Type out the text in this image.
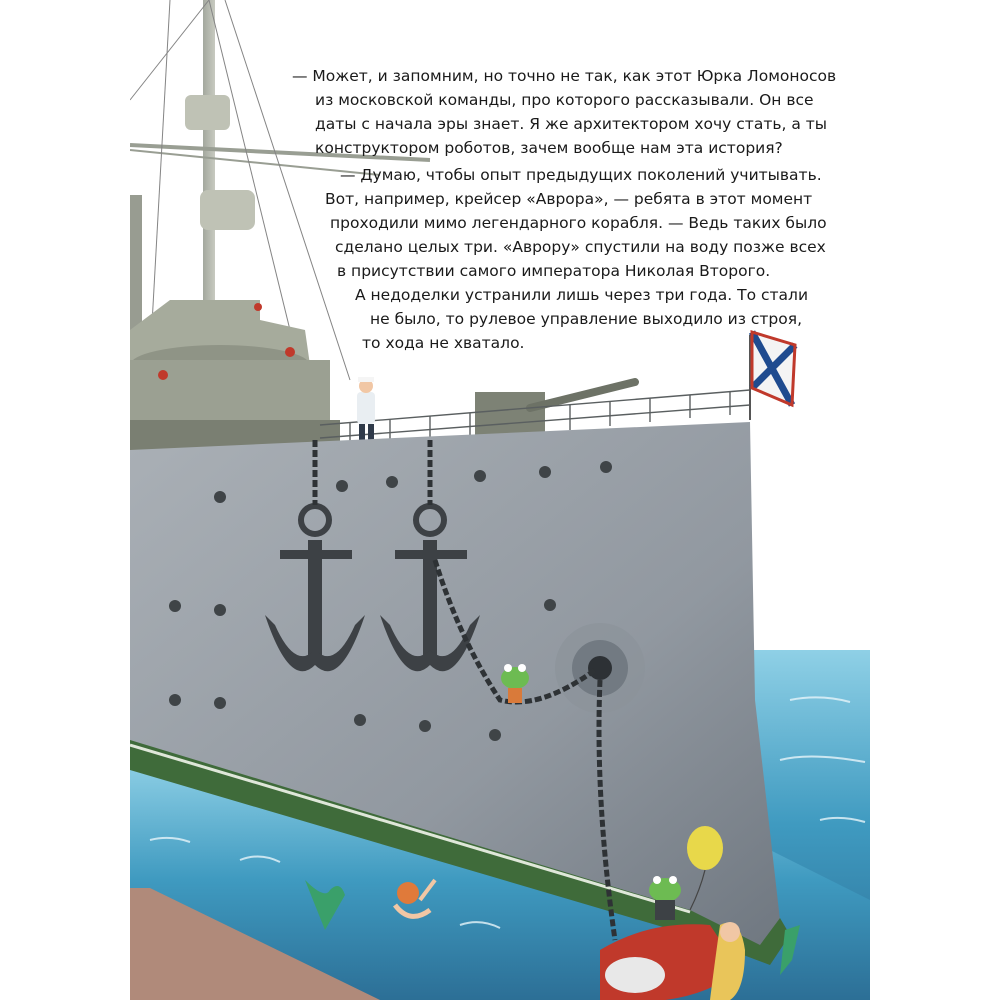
— Может, и запомним, но точно не так, как этот Юрка Ломоносов
из московской команды, про которого рассказывали. Он все
даты с начала эры знает. Я же архитектором хочу стать, а ты
конструктором роботов, зачем вообще нам эта история?
— Думаю, чтобы опыт предыдущих поколений учитывать.
Вот, например, крейсер «Аврора», — ребята в этот момент
проходили мимо легендарного корабля. — Ведь таких было
сделано целых три. «Аврору» спустили на воду позже всех
в присутствии самого императора Николая Второго.
А недоделки устранили лишь через три года. То стали
не было, то рулевое управление выходило из строя,
то хода не хватало.
